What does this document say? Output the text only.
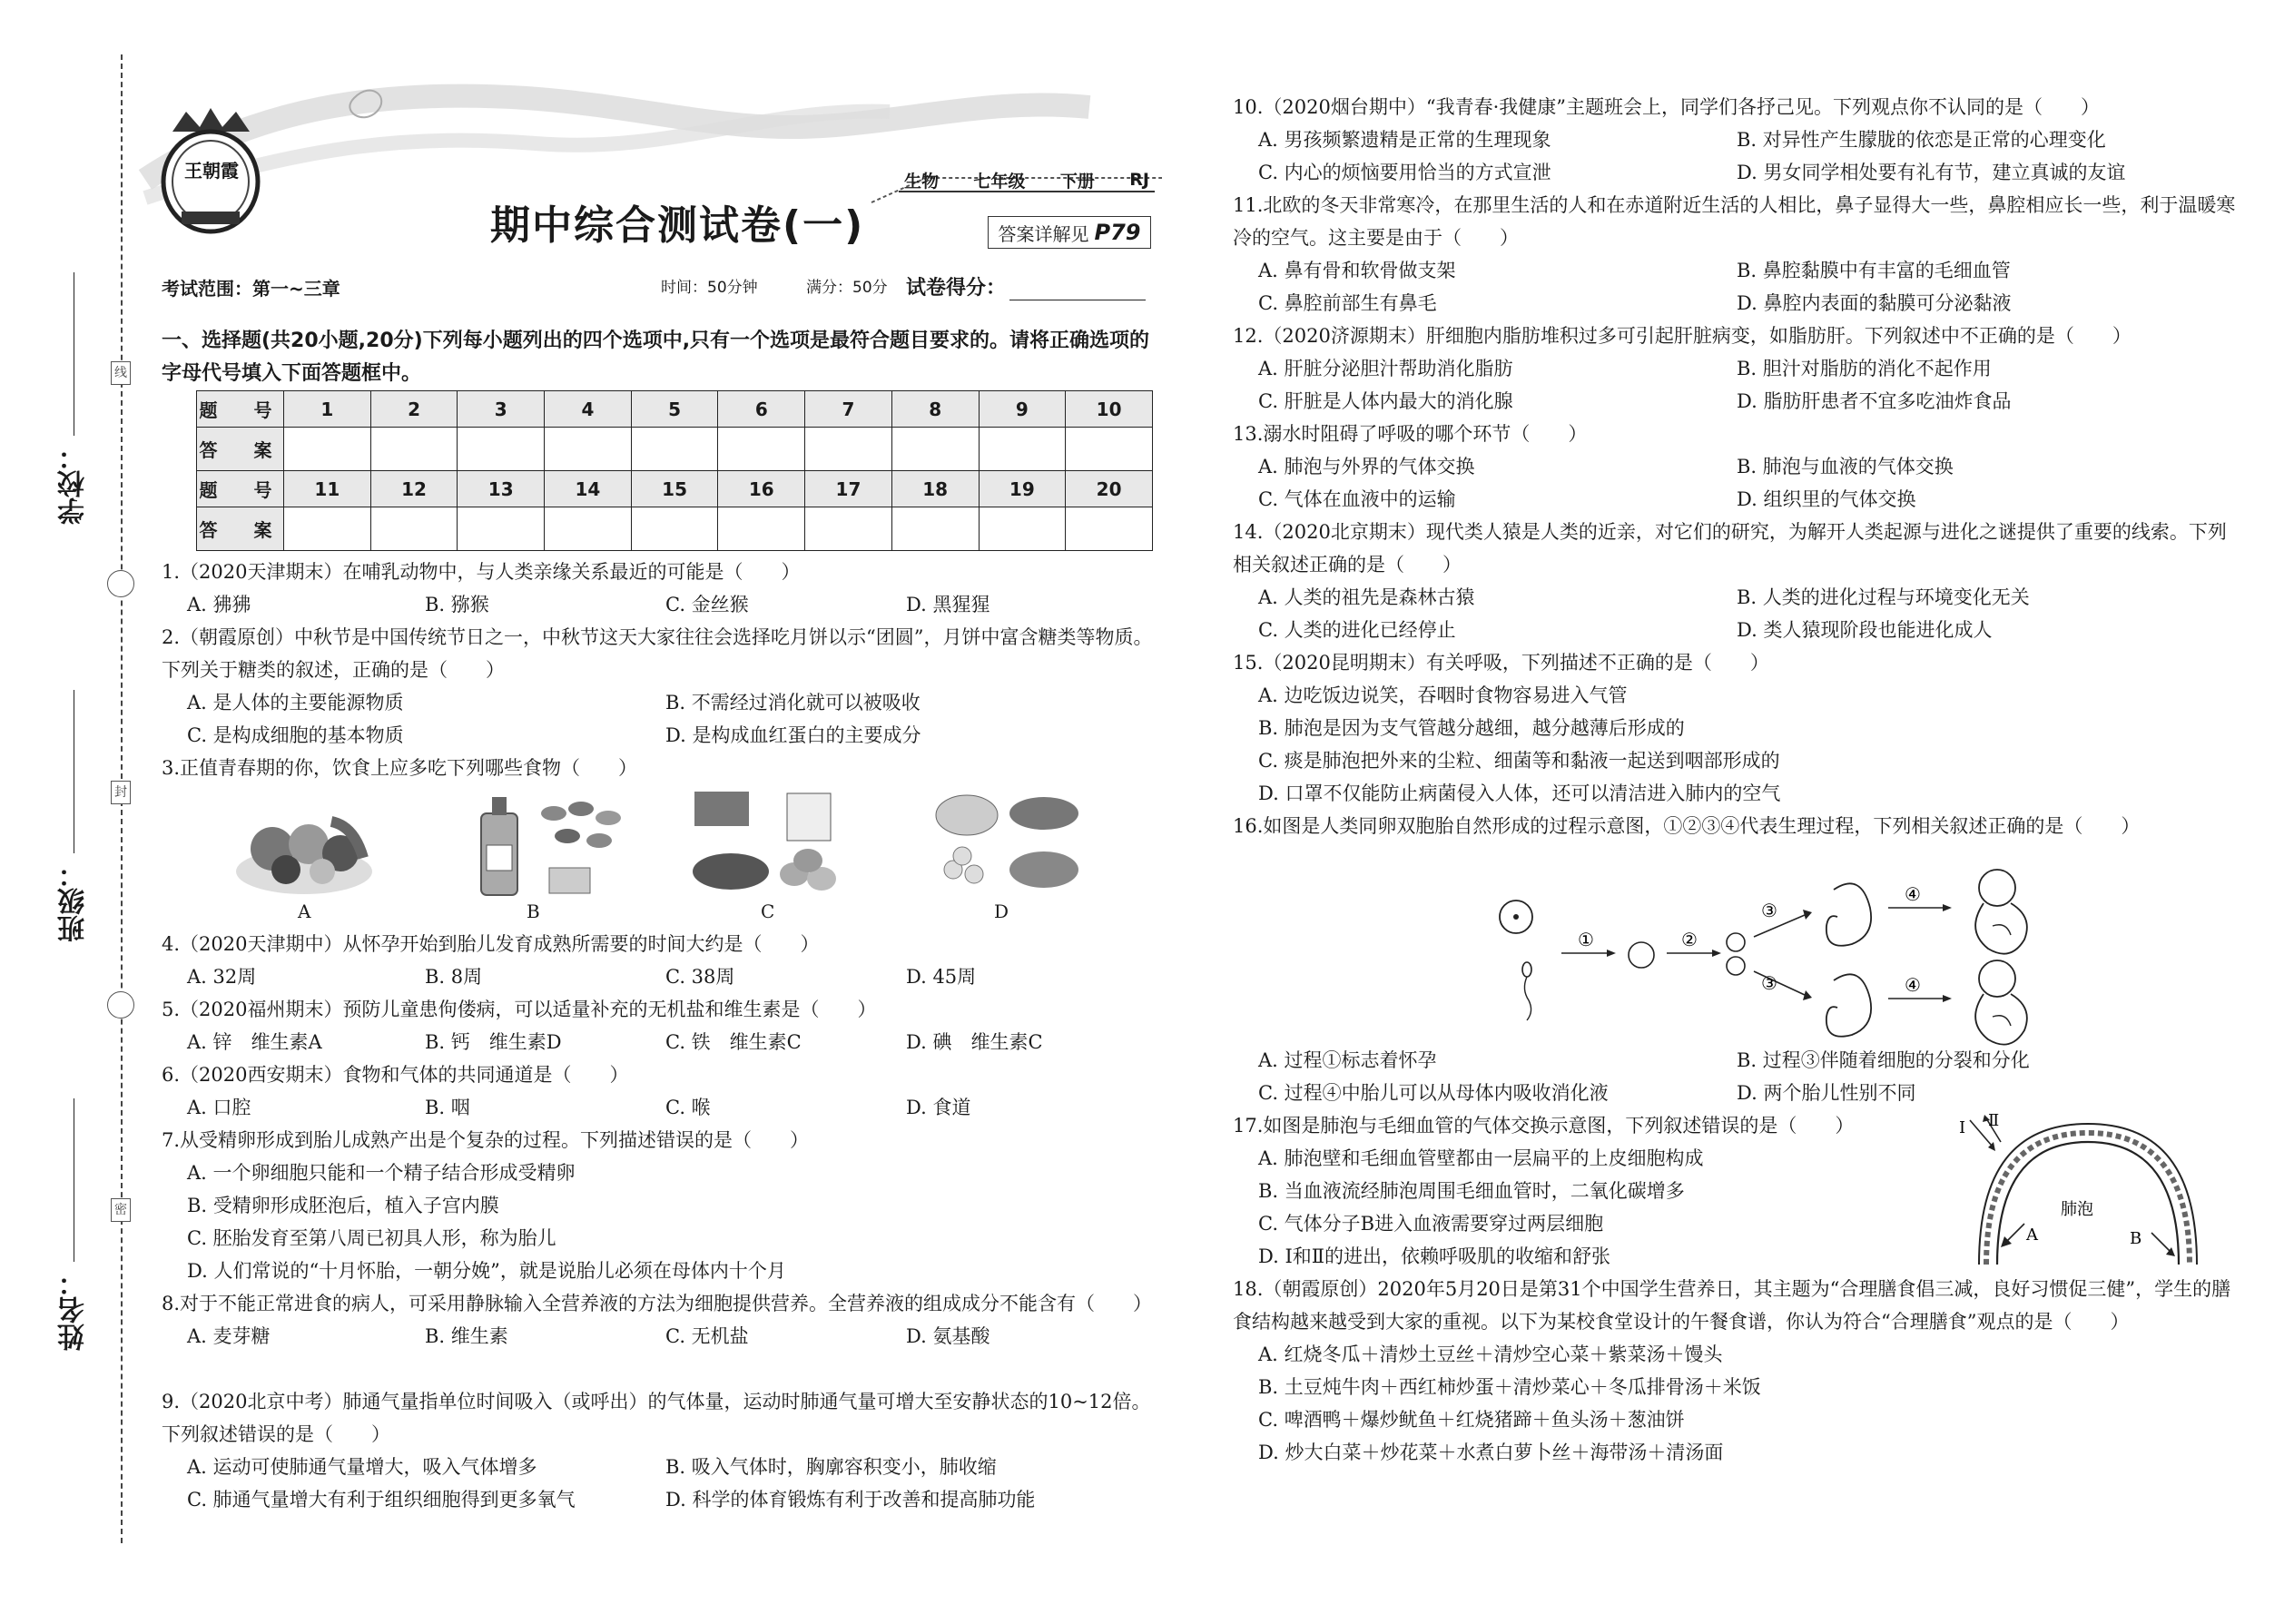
学校：
班级：
姓名：
线
封
密
王朝霞	生物 七年级 下册 RJ
期中综合测试卷(一)	答案详解见 P79
考试范围：第一~三章	时间：50分钟	满分：50分 试卷得分：
一、选择题(共20小题,20分)下列每小题列出的四个选项中,只有一个选项是最符合题目要求的。请将正确选项的字母代号填入下面答题框中。
题　号	1	2	3	4	5	6	7	8	9	10
答　案										
题　号	11	12	13	14	15	16	17	18	19	20
答　案										
1.（2020天津期末）在哺乳动物中，与人类亲缘关系最近的可能是（　　）
A. 狒狒	B. 猕猴	C. 金丝猴	D. 黑猩猩
2.（朝霞原创）中秋节是中国传统节日之一，中秋节这天大家往往会选择吃月饼以示“团圆”，月饼中富含糖类等物质。下列关于糖类的叙述，正确的是（　　）
A. 是人体的主要能源物质	B. 不需经过消化就可以被吸收
C. 是构成细胞的基本物质	D. 是构成血红蛋白的主要成分
3.正值青春期的你，饮食上应多吃下列哪些食物（　　）
A	B	C	D
4.（2020天津期中）从怀孕开始到胎儿发育成熟所需要的时间大约是（　　）
A. 32周	B. 8周	C. 38周	D. 45周
5.（2020福州期末）预防儿童患佝偻病，可以适量补充的无机盐和维生素是（　　）
A. 锌　维生素A	B. 钙　维生素D	C. 铁　维生素C	D. 碘　维生素C
6.（2020西安期末）食物和气体的共同通道是（　　）
A. 口腔	B. 咽	C. 喉	D. 食道
7.从受精卵形成到胎儿成熟产出是个复杂的过程。下列描述错误的是（　　）
A. 一个卵细胞只能和一个精子结合形成受精卵
B. 受精卵形成胚泡后，植入子宫内膜
C. 胚胎发育至第八周已初具人形，称为胎儿
D. 人们常说的“十月怀胎，一朝分娩”，就是说胎儿必须在母体内十个月
8.对于不能正常进食的病人，可采用静脉输入全营养液的方法为细胞提供营养。全营养液的组成成分不能含有（　　）
A. 麦芽糖	B. 维生素	C. 无机盐	D. 氨基酸
9.（2020北京中考）肺通气量指单位时间吸入（或呼出）的气体量，运动时肺通气量可增大至安静状态的10~12倍。下列叙述错误的是（　　）
A. 运动可使肺通气量增大，吸入气体增多	B. 吸入气体时，胸廓容积变小，肺收缩
C. 肺通气量增大有利于组织细胞得到更多氧气	D. 科学的体育锻炼有利于改善和提高肺功能
10.（2020烟台期中）“我青春·我健康”主题班会上，同学们各抒己见。下列观点你不认同的是（　　）
A. 男孩频繁遗精是正常的生理现象	B. 对异性产生朦胧的依恋是正常的心理变化
C. 内心的烦恼要用恰当的方式宣泄	D. 男女同学相处要有礼有节，建立真诚的友谊
11.北欧的冬天非常寒冷，在那里生活的人和在赤道附近生活的人相比，鼻子显得大一些，鼻腔相应长一些，利于温暖寒冷的空气。这主要是由于（　　）
A. 鼻有骨和软骨做支架	B. 鼻腔黏膜中有丰富的毛细血管
C. 鼻腔前部生有鼻毛	D. 鼻腔内表面的黏膜可分泌黏液
12.（2020济源期末）肝细胞内脂肪堆积过多可引起肝脏病变，如脂肪肝。下列叙述中不正确的是（　　）
A. 肝脏分泌胆汁帮助消化脂肪	B. 胆汁对脂肪的消化不起作用
C. 肝脏是人体内最大的消化腺	D. 脂肪肝患者不宜多吃油炸食品
13.溺水时阻碍了呼吸的哪个环节（　　）
A. 肺泡与外界的气体交换	B. 肺泡与血液的气体交换
C. 气体在血液中的运输	D. 组织里的气体交换
14.（2020北京期末）现代类人猿是人类的近亲，对它们的研究，为解开人类起源与进化之谜提供了重要的线索。下列相关叙述正确的是（　　）
A. 人类的祖先是森林古猿	B. 人类的进化过程与环境变化无关
C. 人类的进化已经停止	D. 类人猿现阶段也能进化成人
15.（2020昆明期末）有关呼吸，下列描述不正确的是（　　）
A. 边吃饭边说笑，吞咽时食物容易进入气管
B. 肺泡是因为支气管越分越细，越分越薄后形成的
C. 痰是肺泡把外来的尘粒、细菌等和黏液一起送到咽部形成的
D. 口罩不仅能防止病菌侵入人体，还可以清洁进入肺内的空气
16.如图是人类同卵双胞胎自然形成的过程示意图，①②③④代表生理过程，下列相关叙述正确的是（　　）
①	②
③
③
④
④
A. 过程①标志着怀孕	B. 过程③伴随着细胞的分裂和分化
C. 过程④中胎儿可以从母体内吸收消化液	D. 两个胎儿性别不同
17.如图是肺泡与毛细血管的气体交换示意图，下列叙述错误的是（　　）
A. 肺泡壁和毛细血管壁都由一层扁平的上皮细胞构成
B. 当血液流经肺泡周围毛细血管时，二氧化碳增多
C. 气体分子B进入血液需要穿过两层细胞
D. Ⅰ和Ⅱ的进出，依赖呼吸肌的收缩和舒张
Ⅰ Ⅱ
肺泡
A	B
18.（朝霞原创）2020年5月20日是第31个中国学生营养日，其主题为“合理膳食倡三减，良好习惯促三健”，学生的膳食结构越来越受到大家的重视。以下为某校食堂设计的午餐食谱，你认为符合“合理膳食”观点的是（　　）
A. 红烧冬瓜＋清炒土豆丝＋清炒空心菜＋紫菜汤＋馒头
B. 土豆炖牛肉＋西红柿炒蛋＋清炒菜心＋冬瓜排骨汤＋米饭
C. 啤酒鸭＋爆炒鱿鱼＋红烧猪蹄＋鱼头汤＋葱油饼
D. 炒大白菜＋炒花菜＋水煮白萝卜丝＋海带汤＋清汤面
